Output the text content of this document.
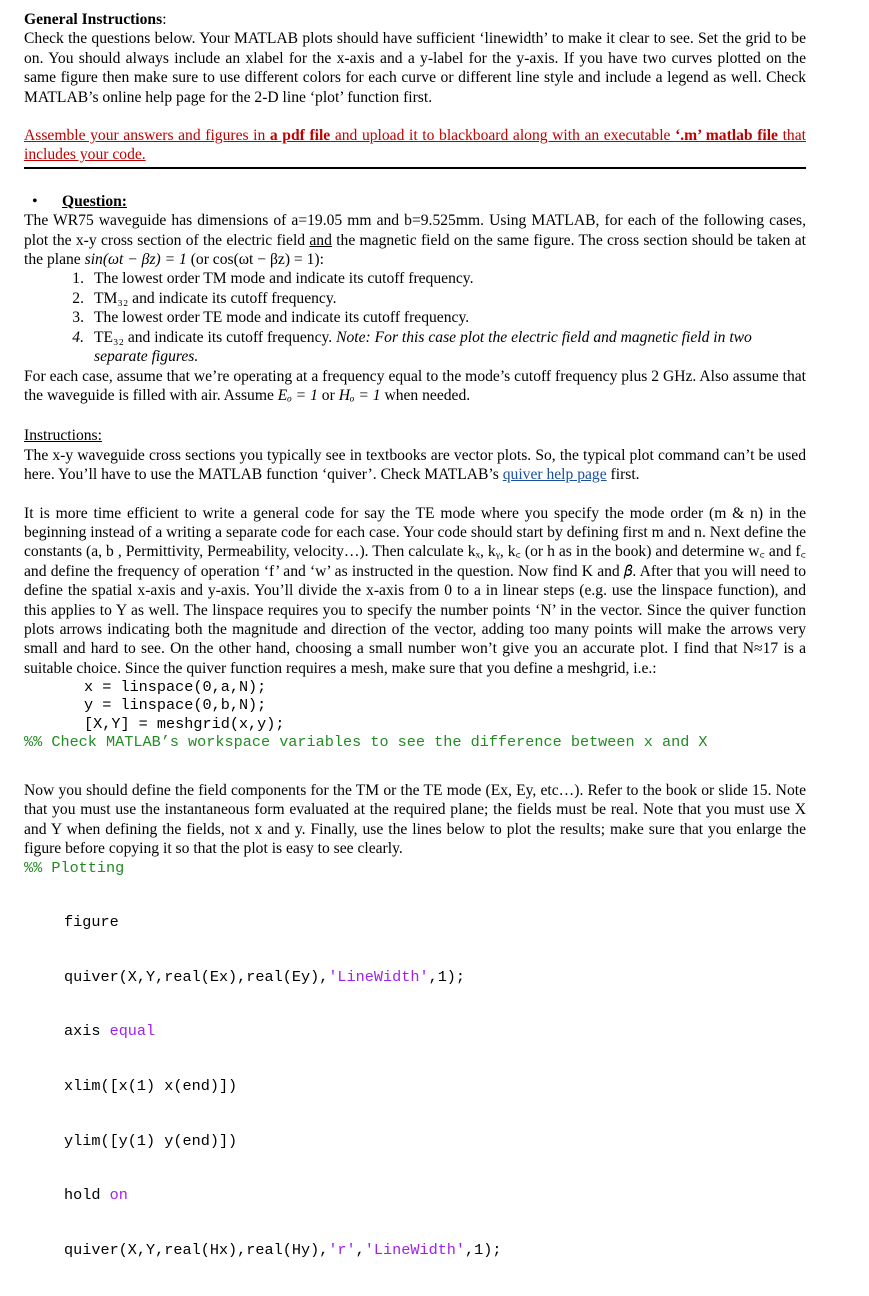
General Instructions:

Check the questions below. Your MATLAB plots should have sufficient ‘linewidth’ to make it clear to see. Set the grid to be on. You should always include an xlabel for the x-axis and a y-label for the y-axis. If you have two curves plotted on the same figure then make sure to use different colors for each curve or different line style and include a legend as well. Check MATLAB’s online help page for the 2-D line ‘plot’ function first.

Assemble your answers and figures in a pdf file and upload it to blackboard along with an executable ‘.m’ matlab file that includes your code.

•	Question:

The WR75 waveguide has dimensions of a=19.05 mm and b=9.525mm. Using MATLAB, for each of the following cases, plot the x-y cross section of the electric field and the magnetic field on the same figure. The cross section should be taken at the plane sin(ωt − βz) = 1 (or cos(ωt − βz) = 1):

1. The lowest order TM mode and indicate its cutoff frequency.
2. TM₃₂ and indicate its cutoff frequency.
3. The lowest order TE mode and indicate its cutoff frequency.
4. TE₃₂ and indicate its cutoff frequency. Note: For this case plot the electric field and magnetic field in two separate figures.

For each case, assume that we’re operating at a frequency equal to the mode’s cutoff frequency plus 2 GHz. Also assume that the waveguide is filled with air. Assume Eₒ = 1 or Hₒ = 1 when needed.

Instructions:

The x-y waveguide cross sections you typically see in textbooks are vector plots. So, the typical plot command can’t be used here. You’ll have to use the MATLAB function ‘quiver’. Check MATLAB’s quiver help page first.

It is more time efficient to write a general code for say the TE mode where you specify the mode order (m & n) in the beginning instead of a writing a separate code for each case. Your code should start by defining first m and n. Next define the constants (a, b , Permittivity, Permeability, velocity…). Then calculate kₓ, kᵧ, k꜀ (or h as in the book) and determine w꜀ and f꜀ and define the frequency of operation ‘f’ and ‘w’ as instructed in the question. Now find K and 𝛽. After that you will need to define the spatial x-axis and y-axis. You’ll divide the x-axis from 0 to a in linear steps (e.g. use the linspace function), and this applies to Y as well. The linspace requires you to specify the number points ‘N’ in the vector. Since the quiver function plots arrows indicating both the magnitude and direction of the vector, adding too many points will make the arrows very small and hard to see. On the other hand, choosing a small number won’t give you an accurate plot. I find that N≈17 is a suitable choice. Since the quiver function requires a mesh, make sure that you define a meshgrid, i.e.:

x = linspace(0,a,N);
y = linspace(0,b,N);
[X,Y] = meshgrid(x,y);
%% Check MATLAB’s workspace variables to see the difference between x and X

Now you should define the field components for the TM or the TE mode (Ex, Ey, etc…). Refer to the book or slide 15. Note that you must use the instantaneous form evaluated at the required plane; the fields must be real. Note that you must use X and Y when defining the fields, not x and y. Finally, use the lines below to plot the results; make sure that you enlarge the figure before copying it so that the plot is easy to see clearly.

%% Plotting

figure

quiver(X,Y,real(Ex),real(Ey),'LineWidth',1);

axis equal

xlim([x(1) x(end)])

ylim([y(1) y(end)])

hold on

quiver(X,Y,real(Hx),real(Hy),'r','LineWidth',1);
